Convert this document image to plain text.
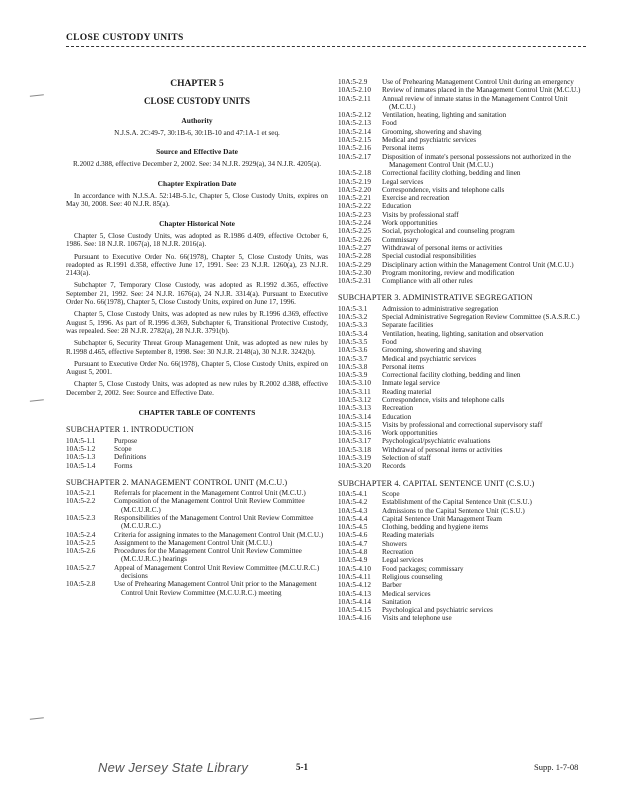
CLOSE CUSTODY UNITS
CHAPTER 5
CLOSE CUSTODY UNITS
Authority
N.J.S.A. 2C:49-7, 30:1B-6, 30:1B-10 and 47:1A-1 et seq.
Source and Effective Date
R.2002 d.388, effective December 2, 2002. See: 34 N.J.R. 2929(a), 34 N.J.R. 4205(a).
Chapter Expiration Date
In accordance with N.J.S.A. 52:14B-5.1c, Chapter 5, Close Custody Units, expires on May 30, 2008. See: 40 N.J.R. 85(a).
Chapter Historical Note
Chapter 5, Close Custody Units, was adopted as R.1986 d.409, effective October 6, 1986. See: 18 N.J.R. 1067(a), 18 N.J.R. 2016(a).
Pursuant to Executive Order No. 66(1978), Chapter 5, Close Custody Units, was readopted as R.1991 d.358, effective June 17, 1991. See: 23 N.J.R. 1260(a), 23 N.J.R. 2143(a).
Subchapter 7, Temporary Close Custody, was adopted as R.1992 d.365, effective September 21, 1992. See: 24 N.J.R. 1676(a), 24 N.J.R. 3314(a). Pursuant to Executive Order No. 66(1978), Chapter 5, Close Custody Units, expired on June 17, 1996.
Chapter 5, Close Custody Units, was adopted as new rules by R.1996 d.369, effective August 5, 1996. As part of R.1996 d.369, Subchapter 6, Transitional Protective Custody, was repealed. See: 28 N.J.R. 2782(a), 28 N.J.R. 3791(b).
Subchapter 6, Security Threat Group Management Unit, was adopted as new rules by R.1998 d.465, effective September 8, 1998. See: 30 N.J.R. 2148(a), 30 N.J.R. 3242(b).
Pursuant to Executive Order No. 66(1978), Chapter 5, Close Custody Units, expired on August 5, 2001.
Chapter 5, Close Custody Units, was adopted as new rules by R.2002 d.388, effective December 2, 2002. See: Source and Effective Date.
CHAPTER TABLE OF CONTENTS
SUBCHAPTER 1. INTRODUCTION
10A:5-1.1	Purpose
10A:5-1.2	Scope
10A:5-1.3	Definitions
10A:5-1.4	Forms
SUBCHAPTER 2. MANAGEMENT CONTROL UNIT (M.C.U.)
10A:5-2.1	Referrals for placement in the Management Control Unit (M.C.U.)
10A:5-2.2	Composition of the Management Control Unit Review Committee (M.C.U.R.C.)
10A:5-2.3	Responsibilities of the Management Control Unit Review Committee (M.C.U.R.C.)
10A:5-2.4	Criteria for assigning inmates to the Management Control Unit (M.C.U.)
10A:5-2.5	Assignment to the Management Control Unit (M.C.U.)
10A:5-2.6	Procedures for the Management Control Unit Review Committee (M.C.U.R.C.) hearings
10A:5-2.7	Appeal of Management Control Unit Review Committee (M.C.U.R.C.) decisions
10A:5-2.8	Use of Prehearing Management Control Unit prior to the Management Control Unit Review Committee (M.C.U.R.C.) meeting
10A:5-2.9	Use of Prehearing Management Control Unit during an emergency
10A:5-2.10	Review of inmates placed in the Management Control Unit (M.C.U.)
10A:5-2.11	Annual review of inmate status in the Management Control Unit (M.C.U.)
10A:5-2.12	Ventilation, heating, lighting and sanitation
10A:5-2.13	Food
10A:5-2.14	Grooming, showering and shaving
10A:5-2.15	Medical and psychiatric services
10A:5-2.16	Personal items
10A:5-2.17	Disposition of inmate's personal possessions not authorized in the Management Control Unit (M.C.U.)
10A:5-2.18	Correctional facility clothing, bedding and linen
10A:5-2.19	Legal services
10A:5-2.20	Correspondence, visits and telephone calls
10A:5-2.21	Exercise and recreation
10A:5-2.22	Education
10A:5-2.23	Visits by professional staff
10A:5-2.24	Work opportunities
10A:5-2.25	Social, psychological and counseling program
10A:5-2.26	Commissary
10A:5-2.27	Withdrawal of personal items or activities
10A:5-2.28	Special custodial responsibilities
10A:5-2.29	Disciplinary action within the Management Control Unit (M.C.U.)
10A:5-2.30	Program monitoring, review and modification
10A:5-2.31	Compliance with all other rules
SUBCHAPTER 3. ADMINISTRATIVE SEGREGATION
10A:5-3.1	Admission to administrative segregation
10A:5-3.2	Special Administrative Segregation Review Committee (S.A.S.R.C.)
10A:5-3.3	Separate facilities
10A:5-3.4	Ventilation, heating, lighting, sanitation and observation
10A:5-3.5	Food
10A:5-3.6	Grooming, showering and shaving
10A:5-3.7	Medical and psychiatric services
10A:5-3.8	Personal items
10A:5-3.9	Correctional facility clothing, bedding and linen
10A:5-3.10	Inmate legal service
10A:5-3.11	Reading material
10A:5-3.12	Correspondence, visits and telephone calls
10A:5-3.13	Recreation
10A:5-3.14	Education
10A:5-3.15	Visits by professional and correctional supervisory staff
10A:5-3.16	Work opportunities
10A:5-3.17	Psychological/psychiatric evaluations
10A:5-3.18	Withdrawal of personal items or activities
10A:5-3.19	Selection of staff
10A:5-3.20	Records
SUBCHAPTER 4. CAPITAL SENTENCE UNIT (C.S.U.)
10A:5-4.1	Scope
10A:5-4.2	Establishment of the Capital Sentence Unit (C.S.U.)
10A:5-4.3	Admissions to the Capital Sentence Unit (C.S.U.)
10A:5-4.4	Capital Sentence Unit Management Team
10A:5-4.5	Clothing, bedding and hygiene items
10A:5-4.6	Reading materials
10A:5-4.7	Showers
10A:5-4.8	Recreation
10A:5-4.9	Legal services
10A:5-4.10	Food packages; commissary
10A:5-4.11	Religious counseling
10A:5-4.12	Barber
10A:5-4.13	Medical services
10A:5-4.14	Sanitation
10A:5-4.15	Psychological and psychiatric services
10A:5-4.16	Visits and telephone use
New Jersey State Library	5-1	Supp. 1-7-08
